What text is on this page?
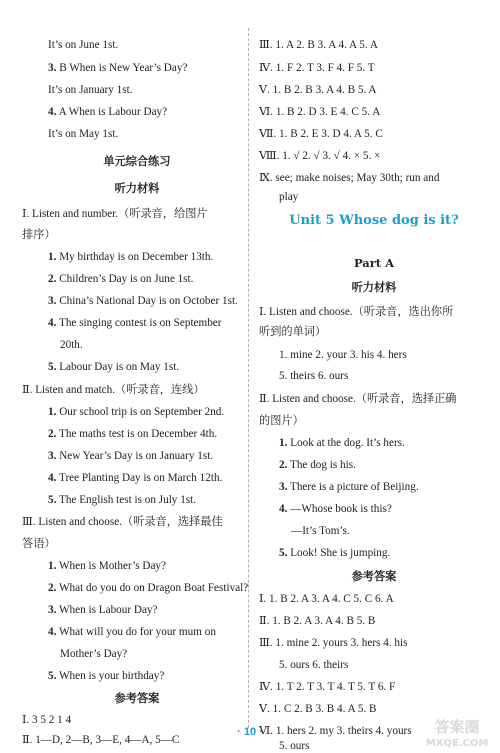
It’s on June 1st.
3. B When is New Year’s Day?
It’s on January 1st.
4. A When is Labour Day?
It’s on May 1st.
单元综合练习
听力材料
Ⅰ. Listen and number.（听录音，给图片
排序）
1. My birthday is on December 13th.
2. Children’s Day is on June 1st.
3. China’s National Day is on October 1st.
4. The singing contest is on September
20th.
5. Labour Day is on May 1st.
Ⅱ. Listen and match.（听录音，连线）
1. Our school trip is on September 2nd.
2. The maths test is on December 4th.
3. New Year’s Day is on January 1st.
4. Tree Planting Day is on March 12th.
5. The English test is on July 1st.
Ⅲ. Listen and choose.（听录音，选择最佳
答语）
1. When is Mother’s Day?
2. What do you do on Dragon Boat Festival?
3. When is Labour Day?
4. What will you do for your mum on
Mother’s Day?
5. When is your birthday?
参考答案
Ⅰ. 3 5 2 1 4
Ⅱ. 1—D, 2—B, 3—E, 4—A, 5—C
Ⅲ. 1. A 2. B 3. A 4. A 5. A
Ⅳ. 1. F 2. T 3. F 4. F 5. T
Ⅴ. 1. B 2. B 3. A 4. B 5. A
Ⅵ. 1. B 2. D 3. E 4. C 5. A
Ⅶ. 1. B 2. E 3. D 4. A 5. C
Ⅷ. 1. √ 2. √ 3. √ 4. × 5. ×
Ⅸ. see; make noises; May 30th; run and
play
Unit 5 Whose dog is it?
Part A
听力材料
Ⅰ. Listen and choose.（听录音，选出你所
听到的单词）
1. mine 2. your 3. his 4. hers
5. theirs 6. ours
Ⅱ. Listen and choose.（听录音，选择正确
的图片）
1. Look at the dog. It’s hers.
2. The dog is his.
3. There is a picture of Beijing.
4. —Whose book is this?
—It’s Tom’s.
5. Look! She is jumping.
参考答案
Ⅰ. 1. B 2. A 3. A 4. C 5. C 6. A
Ⅱ. 1. B 2. A 3. A 4. B 5. B
Ⅲ. 1. mine 2. yours 3. hers 4. his
5. ours 6. theirs
Ⅳ. 1. T 2. T 3. T 4. T 5. T 6. F
Ⅴ. 1. C 2. B 3. B 4. A 5. B
Ⅵ. 1. hers 2. my 3. theirs 4. yours
5. ours
· 10 ·	答案圈
MXQE.COM
